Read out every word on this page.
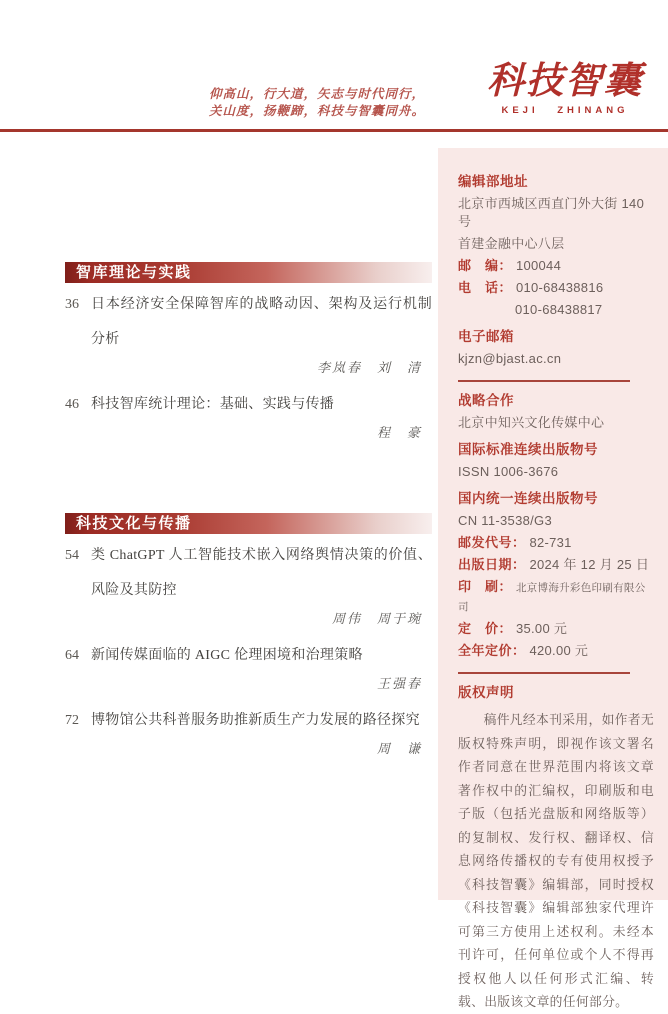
仰高山，行大道，矢志与时代同行，
关山度，扬鞭蹄，科技与智囊同舟。
科技智囊
KEJI ZHINANG
智库理论与实践
36 日本经济安全保障智库的战略动因、架构及运行机制分析
李岚春　刘　清
46 科技智库统计理论：基础、实践与传播
程　豪
科技文化与传播
54 类 ChatGPT 人工智能技术嵌入网络舆情决策的价值、风险及其防控
周伟　周于琬
64 新闻传媒面临的 AIGC 伦理困境和治理策略
王强春
72 博物馆公共科普服务助推新质生产力发展的路径探究
周　谦
编辑部地址
北京市西城区西直门外大街 140 号
首建金融中心八层
邮　编： 100044
电　话： 010-68438816
010-68438817
电子邮箱
kjzn@bjast.ac.cn
战略合作
北京中知兴文化传媒中心
国际标准连续出版物号
ISSN 1006-3676
国内统一连续出版物号
CN 11-3538/G3
邮发代号： 82-731
出版日期： 2024 年 12 月 25 日
印　刷： 北京博海升彩色印刷有限公司
定　价： 35.00 元
全年定价： 420.00 元
版权声明

稿件凡经本刊采用，如作者无版权特殊声明，即视作该文署名作者同意在世界范围内将该文章著作权中的汇编权，印刷版和电子版（包括光盘版和网络版等）的复制权、发行权、翻译权、信息网络传播权的专有使用权授予《科技智囊》编辑部，同时授权《科技智囊》编辑部独家代理许可第三方使用上述权利。未经本刊许可，任何单位或个人不得再授权他人以任何形式汇编、转载、出版该文章的任何部分。
